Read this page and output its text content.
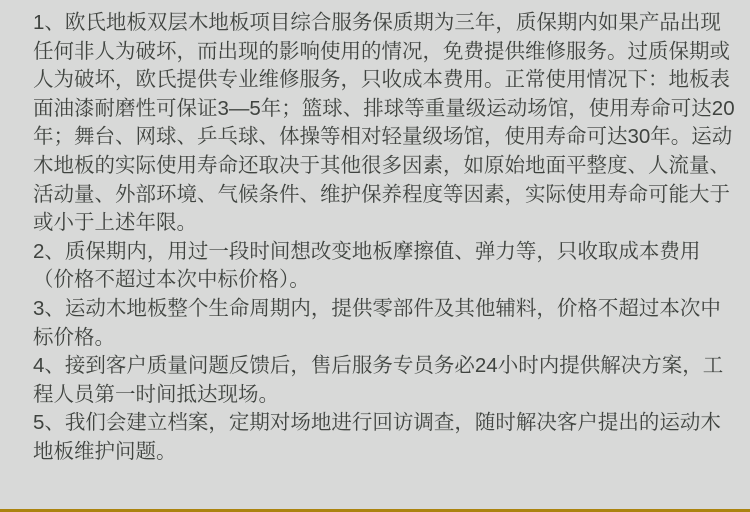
1、欧氏地板双层木地板项目综合服务保质期为三年，质保期内如果产品出现任何非人为破坏，而出现的影响使用的情况，免费提供维修服务。过质保期或人为破坏，欧氏提供专业维修服务，只收成本费用。正常使用情况下：地板表面油漆耐磨性可保证3—5年；篮球、排球等重量级运动场馆，使用寿命可达20年；舞台、网球、乒乓球、体操等相对轻量级场馆，使用寿命可达30年。运动木地板的实际使用寿命还取决于其他很多因素，如原始地面平整度、人流量、活动量、外部环境、气候条件、维护保养程度等因素，实际使用寿命可能大于或小于上述年限。

2、质保期内，用过一段时间想改变地板摩擦值、弹力等，只收取成本费用（价格不超过本次中标价格）。

3、运动木地板整个生命周期内，提供零部件及其他辅料，价格不超过本次中标价格。

4、接到客户质量问题反馈后，售后服务专员务必24小时内提供解决方案，工程人员第一时间抵达现场。

5、我们会建立档案，定期对场地进行回访调查，随时解决客户提出的运动木地板维护问题。
